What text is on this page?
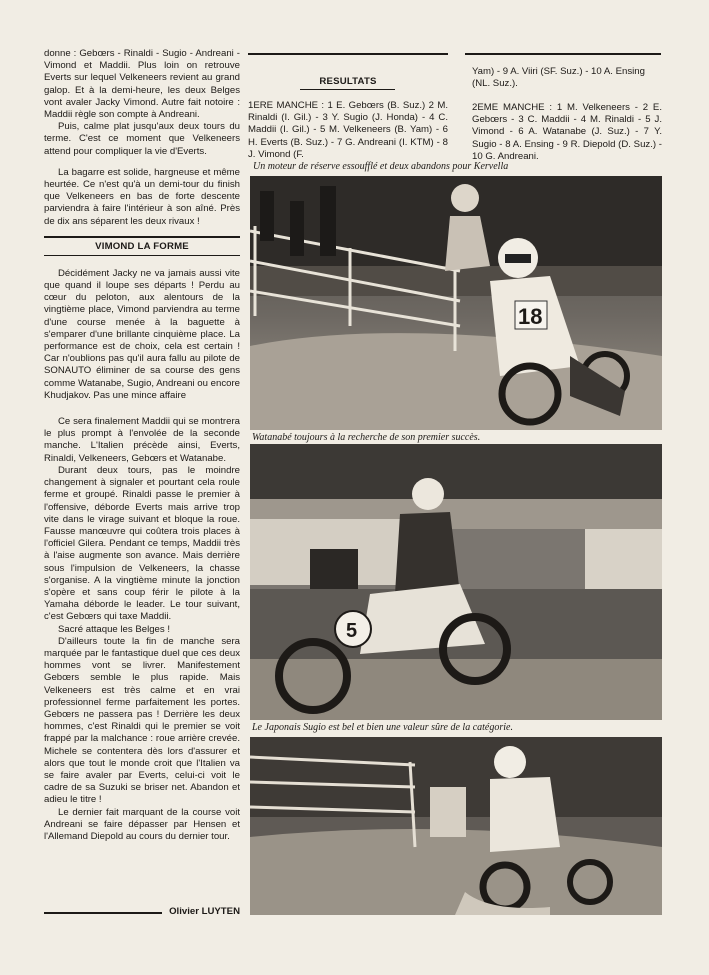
donne : Gebœrs - Rinaldi - Sugio - Andreani - Vimond et Maddii. Plus loin on retrouve Everts sur lequel Velkeneers revient au grand galop. Et à la demi-heure, les deux Belges vont avaler Jacky Vimond. Autre fait notoire : Maddii règle son compte à Andreani.

Puis, calme plat jusqu'aux deux tours du terme. C'est ce moment que Velkeneers attend pour compliquer la vie d'Everts.

La bagarre est solide, hargneuse et même heurtée. Ce n'est qu'à un demi-tour du finish que Velkeneers en bas de forte descente parviendra à faire l'intérieur à son aîné. Près de dix ans séparent les deux rivaux !

VIMOND LA FORME

Décidément Jacky ne va jamais aussi vite que quand il loupe ses départs ! Perdu au cœur du peloton, aux alentours de la vingtième place, Vimond parviendra au terme d'une course menée à la baguette à s'emparer d'une brillante cinquième place. La performance est de choix, cela est certain ! Car n'oublions pas qu'il aura fallu au pilote de SONAUTO éliminer de sa course des gens comme Watanabe, Sugio, Andreani ou encore Khudjakov. Pas une mince affaire

Ce sera finalement Maddii qui se montrera le plus prompt à l'envolée de la seconde manche. L'Italien précède ainsi, Everts, Rinaldi, Velkeneers, Gebœrs et Watanabe.

Durant deux tours, pas le moindre changement à signaler et pourtant cela roule ferme et groupé. Rinaldi passe le premier à l'offensive, déborde Everts mais arrive trop vite dans le virage suivant et bloque la roue. Fausse manœuvre qui coûtera trois places à l'officiel Gilera. Pendant ce temps, Maddii très à l'aise augmente son avance. Mais derrière sous l'impulsion de Velkeneers, la chasse s'organise. A la vingtième minute la jonction s'opère et sans coup férir le pilote à la Yamaha déborde le leader. Le tour suivant, c'est Gebœrs qui taxe Maddii.

Sacré attaque les Belges !

D'ailleurs toute la fin de manche sera marquée par le fantastique duel que ces deux hommes vont se livrer. Manifestement Gebœrs semble le plus rapide. Mais Velkeneers est très calme et en vrai professionnel ferme parfaitement les portes. Gebœrs ne passera pas ! Derrière les deux hommes, c'est Rinaldi qui le premier se voit frappé par la malchance : roue arrière crevée. Michele se contentera dès lors d'assurer et alors que tout le monde croit que l'Italien va se faire avaler par Everts, celui-ci voit le cadre de sa Suzuki se briser net. Abandon et adieu le titre !

Le dernier fait marquant de la course voit Andreani se faire dépasser par Hensen et l'Allemand Diepold au cours du dernier tour.

Olivier LUYTEN
RESULTATS
1ERE MANCHE : 1 E. Gebœrs (B. Suz.) 2 M. Rinaldi (I. Gil.) - 3 Y. Sugio (J. Honda) - 4 C. Maddii (I. Gil.) - 5 M. Velkeneers (B. Yam) - 6 H. Everts (B. Suz.) - 7 G. Andreani (I. KTM) - 8 J. Vimond (F.
Yam) - 9 A. Viiri (SF. Suz.) - 10 A. Ensing (NL. Suz.).
2EME MANCHE : 1 M. Velkeneers - 2 E. Gebœrs - 3 C. Maddii - 4 M. Rinaldi - 5 J. Vimond - 6 A. Watanabe (J. Suz.) - 7 Y. Sugio - 8 A. Ensing - 9 R. Diepold (D. Suz.) - 10 G. Andreani.
Un moteur de réserve essoufflé et deux abandons pour Kervella
18
Watanabé toujours à la recherche de son premier succès.
5
Le Japonais Sugio est bel et bien une valeur sûre de la catégorie.
